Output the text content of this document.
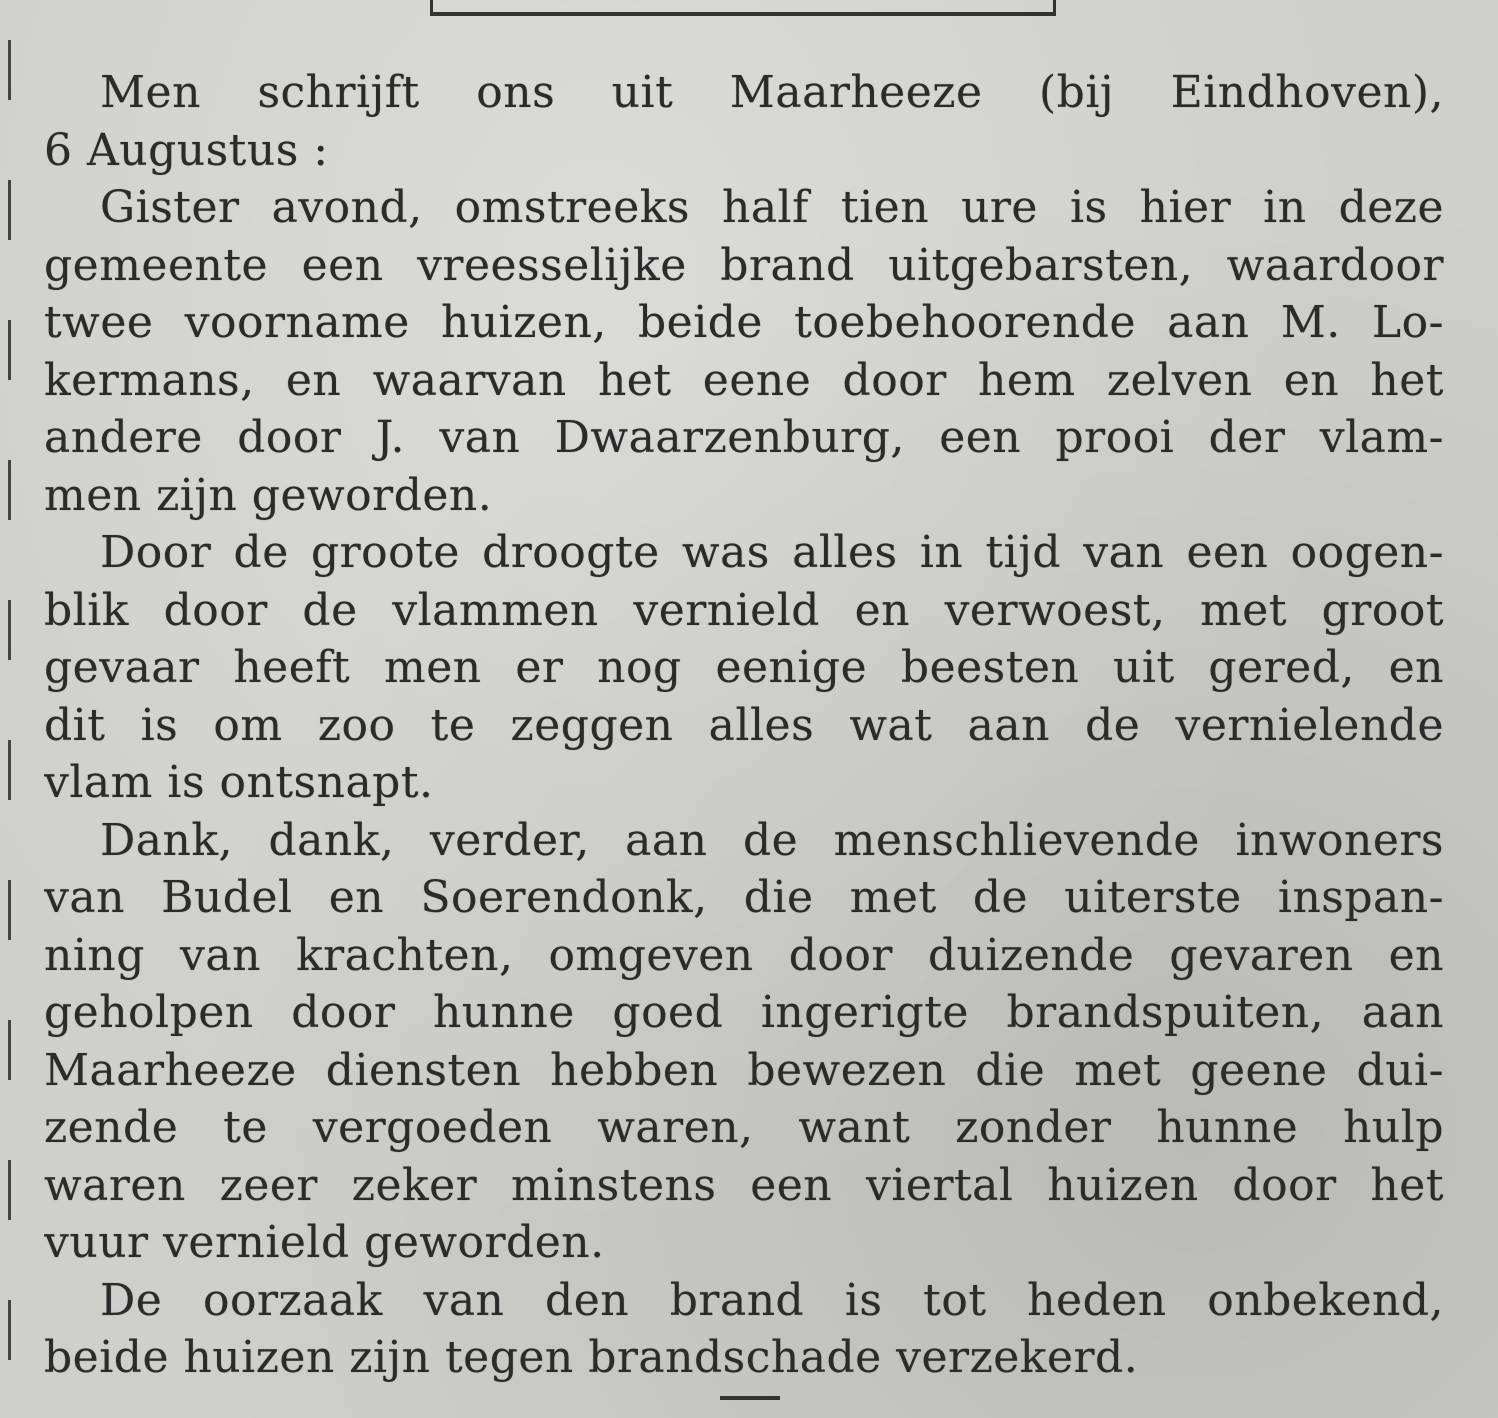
Men schrijft ons uit Maarheeze (bij Eindhoven),
6 Augustus :

Gister avond, omstreeks half tien ure is hier in deze
gemeente een vreesselijke brand uitgebarsten, waardoor
twee voorname huizen, beide toebehoorende aan M. Lo-
kermans, en waarvan het eene door hem zelven en het
andere door J. van Dwaarzenburg, een prooi der vlam-
men zijn geworden.

Door de groote droogte was alles in tijd van een oogen-
blik door de vlammen vernield en verwoest, met groot
gevaar heeft men er nog eenige beesten uit gered, en
dit is om zoo te zeggen alles wat aan de vernielende
vlam is ontsnapt.

Dank, dank, verder, aan de menschlievende inwoners
van Budel en Soerendonk, die met de uiterste inspan-
ning van krachten, omgeven door duizende gevaren en
geholpen door hunne goed ingerigte brandspuiten, aan
Maarheeze diensten hebben bewezen die met geene dui-
zende te vergoeden waren, want zonder hunne hulp
waren zeer zeker minstens een viertal huizen door het
vuur vernield geworden.

De oorzaak van den brand is tot heden onbekend,
beide huizen zijn tegen brandschade verzekerd.
